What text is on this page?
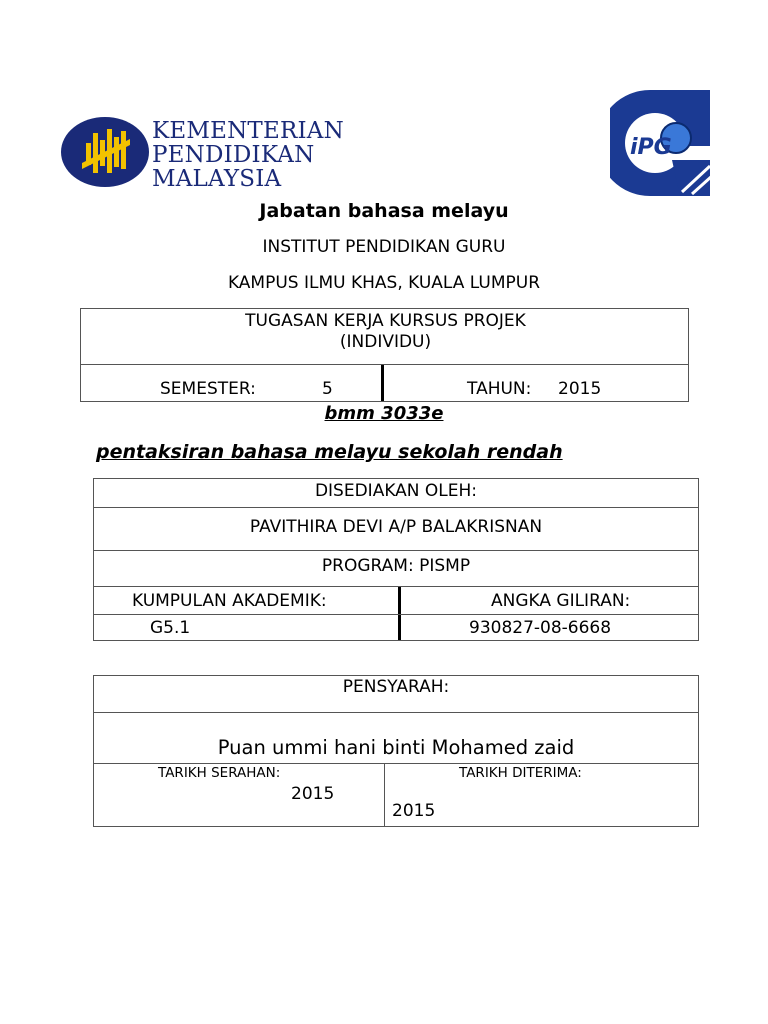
KEMENTERIAN
PENDIDIKAN
MALAYSIA
iPG
Jabatan bahasa melayu
INSTITUT PENDIDIKAN GURU
KAMPUS ILMU KHAS, KUALA LUMPUR
TUGASAN KERJA KURSUS PROJEK
(INDIVIDU)
SEMESTER:	5	TAHUN: 2015
bmm 3033e
pentaksiran bahasa melayu sekolah rendah
DISEDIAKAN OLEH:
PAVITHIRA DEVI A/P BALAKRISNAN
PROGRAM: PISMP
KUMPULAN AKADEMIK:	ANGKA GILIRAN:
G5.1	930827-08-6668
PENSYARAH:
Puan ummi hani binti Mohamed zaid
TARIKH SERAHAN:
2015
TARIKH DITERIMA:
2015
